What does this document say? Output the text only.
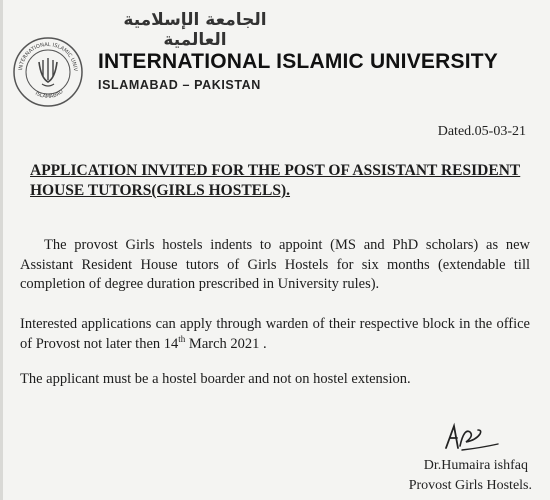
الجامعة الإسلامية العالمية
INTERNATIONAL ISLAMIC UNIV
ISLAMABAD
INTERNATIONAL ISLAMIC UNIVERSITY
ISLAMABAD – PAKISTAN
Dated.05-03-21
APPLICATION INVITED FOR THE POST OF ASSISTANT RESIDENT HOUSE TUTORS(GIRLS HOSTELS).
The provost Girls hostels indents to appoint (MS and PhD scholars) as new Assistant Resident House tutors of Girls Hostels for six months (extendable till completion of degree duration prescribed in University rules).
Interested applications can apply through warden of their respective block in the office of Provost not later then 14th March 2021 .
The applicant must be a hostel boarder and not on hostel extension.
Dr.Humaira ishfaq
Provost Girls Hostels.
